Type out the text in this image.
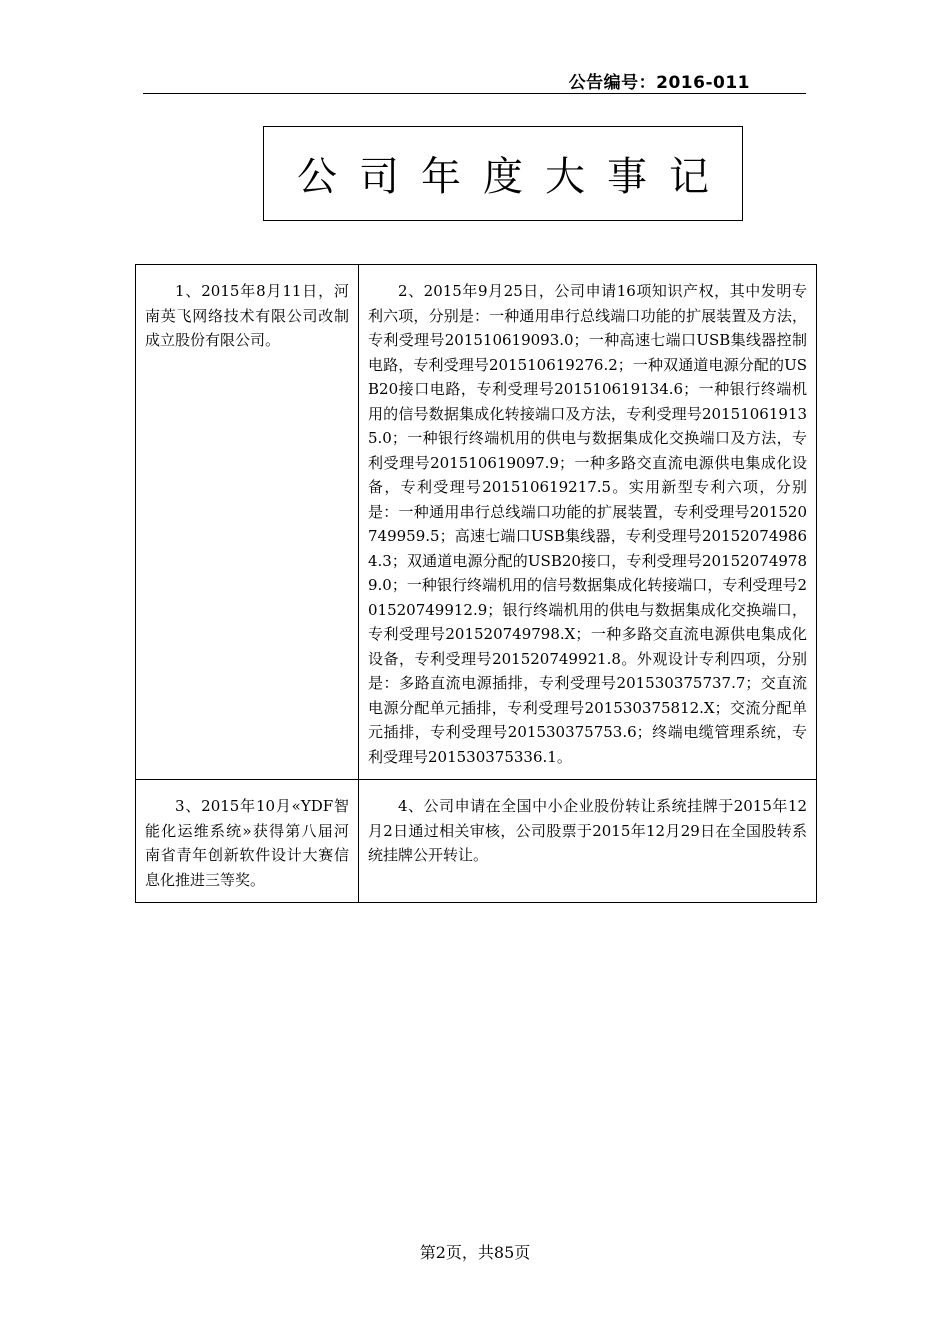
公告编号：2016-011
公司年度大事记
1、2015年8月11日，河南英飞网络技术有限公司改制成立股份有限公司。	2、2015年9月25日，公司申请16项知识产权，其中发明专利六项，分别是：一种通用串行总线端口功能的扩展装置及方法，专利受理号201510619093.0；一种高速七端口USB集线器控制电路，专利受理号201510619276.2；一种双通道电源分配的USB20接口电路，专利受理号201510619134.6；一种银行终端机用的信号数据集成化转接端口及方法，专利受理号201510619135.0；一种银行终端机用的供电与数据集成化交换端口及方法，专利受理号201510619097.9；一种多路交直流电源供电集成化设备，专利受理号201510619217.5。实用新型专利六项，分别是：一种通用串行总线端口功能的扩展装置，专利受理号201520749959.5；高速七端口USB集线器，专利受理号201520749864.3；双通道电源分配的USB20接口，专利受理号201520749789.0；一种银行终端机用的信号数据集成化转接端口，专利受理号201520749912.9；银行终端机用的供电与数据集成化交换端口，专利受理号201520749798.X；一种多路交直流电源供电集成化设备，专利受理号201520749921.8。外观设计专利四项，分别是：多路直流电源插排，专利受理号201530375737.7；交直流电源分配单元插排，专利受理号201530375812.X；交流分配单元插排，专利受理号201530375753.6；终端电缆管理系统，专利受理号201530375336.1。
3、2015年10月«YDF智能化运维系统»获得第八届河南省青年创新软件设计大赛信息化推进三等奖。	4、公司申请在全国中小企业股份转让系统挂牌于2015年12月2日通过相关审核，公司股票于2015年12月29日在全国股转系统挂牌公开转让。
第2页，共85页
